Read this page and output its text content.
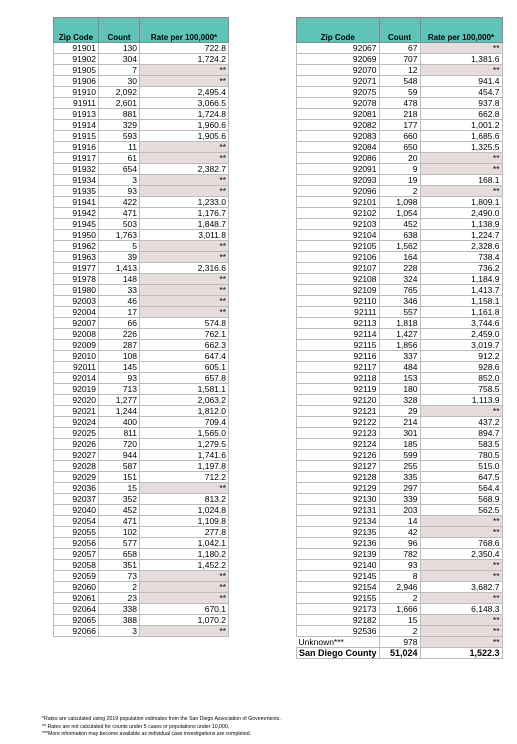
Zip Code	Count	Rate per 100,000*
91901	130	722.8
91902	304	1,724.2
91905	7	**
91906	30	**
91910	2,092	2,495.4
91911	2,601	3,066.5
91913	881	1,724.8
91914	329	1,960.6
91915	593	1,905.6
91916	11	**
91917	61	**
91932	654	2,382.7
91934	3	**
91935	93	**
91941	422	1,233.0
91942	471	1,176.7
91945	503	1,848.7
91950	1,763	3,011.8
91962	5	**
91963	39	**
91977	1,413	2,316.6
91978	148	**
91980	33	**
92003	46	**
92004	17	**
92007	66	574.8
92008	226	762.1
92009	287	662.3
92010	108	647.4
92011	145	605.1
92014	93	657.8
92019	713	1,581.1
92020	1,277	2,063.2
92021	1,244	1,812.0
92024	400	709.4
92025	811	1,565.0
92026	720	1,279.5
92027	944	1,741.6
92028	587	1,197.8
92029	151	712.2
92036	15	**
92037	352	813.2
92040	452	1,024.8
92054	471	1,109.8
92055	102	277.8
92056	577	1,042.1
92057	658	1,180.2
92058	351	1,452.2
92059	73	**
92060	2	**
92061	23	**
92064	338	670.1
92065	388	1,070.2
92066	3	**
Zip Code	Count	Rate per 100,000*
92067	67	**
92069	707	1,381.6
92070	12	**
92071	548	941.4
92075	59	454.7
92078	478	937.8
92081	218	662.8
92082	177	1,001.2
92083	660	1,685.6
92084	650	1,325.5
92086	20	**
92091	9	**
92093	19	168.1
92096	2	**
92101	1,098	1,809.1
92102	1,054	2,490.0
92103	452	1,138.9
92104	638	1,224.7
92105	1,562	2,328.6
92106	164	738.4
92107	228	736.2
92108	324	1,184.9
92109	765	1,413.7
92110	346	1,158.1
92111	557	1,161.8
92113	1,818	3,744.6
92114	1,427	2,459.0
92115	1,856	3,019.7
92116	337	912.2
92117	484	928.6
92118	153	852.0
92119	180	758.5
92120	328	1,113.9
92121	29	**
92122	214	437.2
92123	301	894.7
92124	185	583.5
92126	599	780.5
92127	255	515.0
92128	335	647.5
92129	297	564.4
92130	339	568.9
92131	203	562.5
92134	14	**
92135	42	**
92136	96	768.6
92139	782	2,350.4
92140	93	**
92145	8	**
92154	2,946	3,682.7
92155	2	**
92173	1,666	6,148.3
92182	15	**
92536	2	**
Unknown***	978	**
San Diego County	51,024	1,522.3
*Rates are calculated using 2019 population estimates from the San Diego Association of Governments.
** Rates are not calculated for counts under 5 cases or populations under 10,000.
***More information may become available as individual case investigations are completed.
